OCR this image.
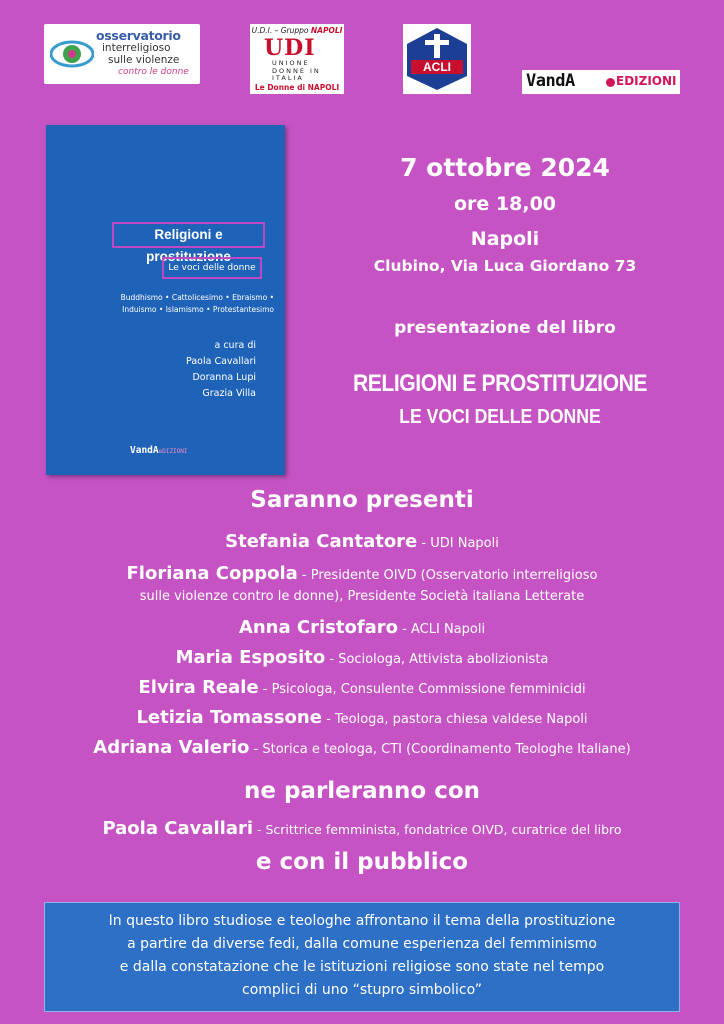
osservatorio
interreligioso
sulle violenze
contro le donne
U.D.I. – Gruppo NAPOLI
UDI
UNIONE DONNE IN ITALIA
Le Donne di NAPOLI
ACLI
VandA	EDIZIONI
Religioni e prostituzione
Le voci delle donne
Buddhismo • Cattolicesimo • Ebraismo •
Induismo • Islamismo • Protestantesimo
a cura di
Paola Cavallari
Doranna Lupi
Grazia Villa
VandAeDIZIONI
7 ottobre 2024
ore 18,00
Napoli
Clubino, Via Luca Giordano 73
presentazione del libro
RELIGIONI E PROSTITUZIONE
LE VOCI DELLE DONNE
Saranno presenti
Stefania Cantatore - UDI Napoli
Floriana Coppola - Presidente OIVD (Osservatorio interreligioso
sulle violenze contro le donne), Presidente Società italiana Letterate
Anna Cristofaro - ACLI Napoli
Maria Esposito - Sociologa, Attivista abolizionista
Elvira Reale - Psicologa, Consulente Commissione femminicidi
Letizia Tomassone - Teologa, pastora chiesa valdese Napoli
Adriana Valerio - Storica e teologa, CTI (Coordinamento Teologhe Italiane)
ne parleranno con
Paola Cavallari - Scrittrice femminista, fondatrice OIVD, curatrice del libro
e con il pubblico

In questo libro studiose e teologhe affrontano il tema della prostituzione
a partire da diverse fedi, dalla comune esperienza del femminismo
e dalla constatazione che le istituzioni religiose sono state nel tempo
complici di uno “stupro simbolico”
